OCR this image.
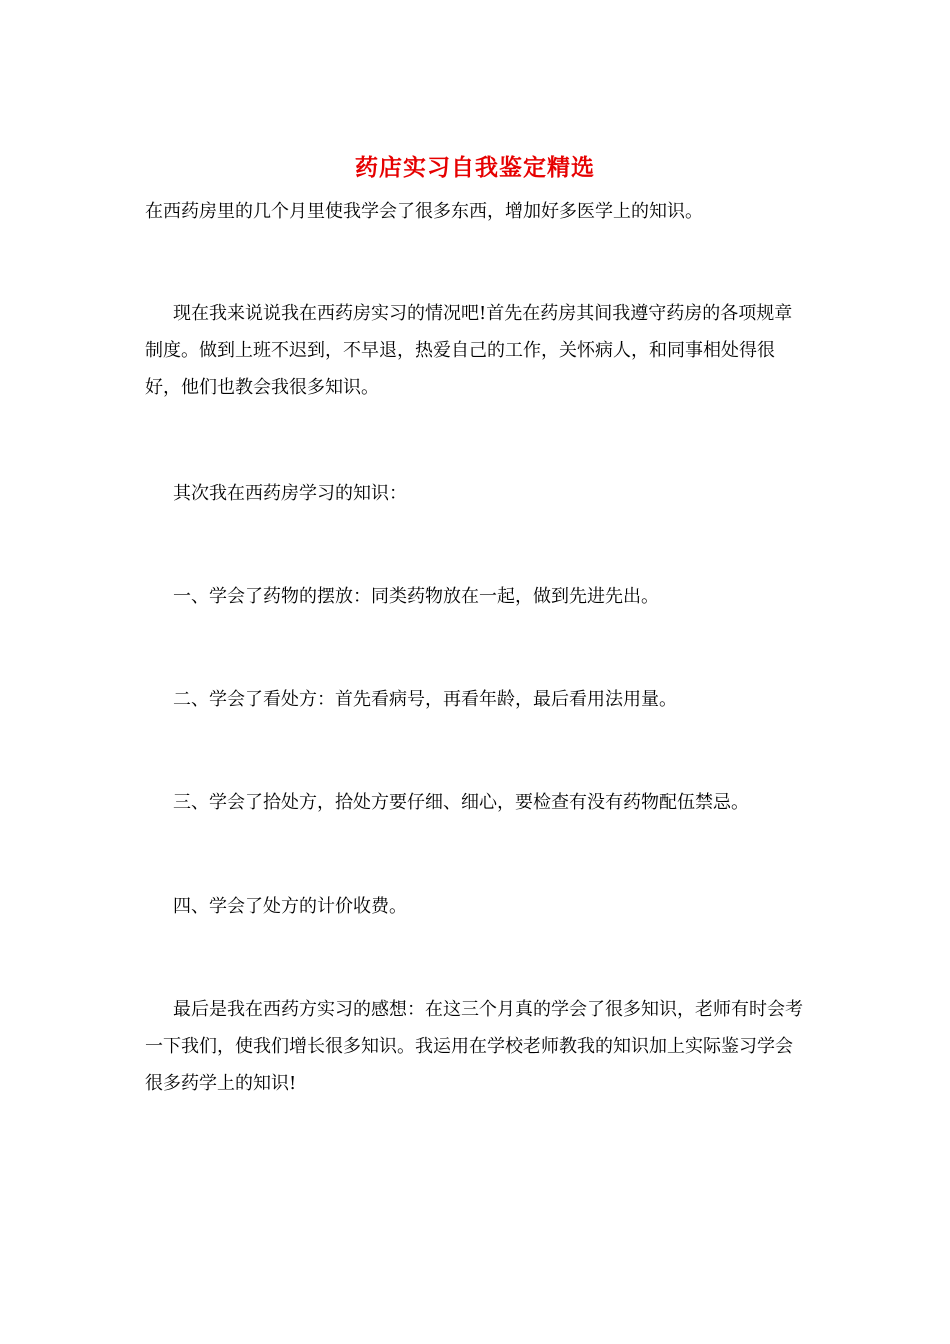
药店实习自我鉴定精选

在西药房里的几个月里使我学会了很多东西，增加好多医学上的知识。

现在我来说说我在西药房实习的情况吧!首先在药房其间我遵守药房的各项规章制度。做到上班不迟到，不早退，热爱自己的工作，关怀病人，和同事相处得很好，他们也教会我很多知识。

其次我在西药房学习的知识：

一、学会了药物的摆放：同类药物放在一起，做到先进先出。

二、学会了看处方：首先看病号，再看年龄，最后看用法用量。

三、学会了拾处方，拾处方要仔细、细心，要检查有没有药物配伍禁忌。

四、学会了处方的计价收费。

最后是我在西药方实习的感想：在这三个月真的学会了很多知识，老师有时会考一下我们，使我们增长很多知识。我运用在学校老师教我的知识加上实际鉴习学会很多药学上的知识!
